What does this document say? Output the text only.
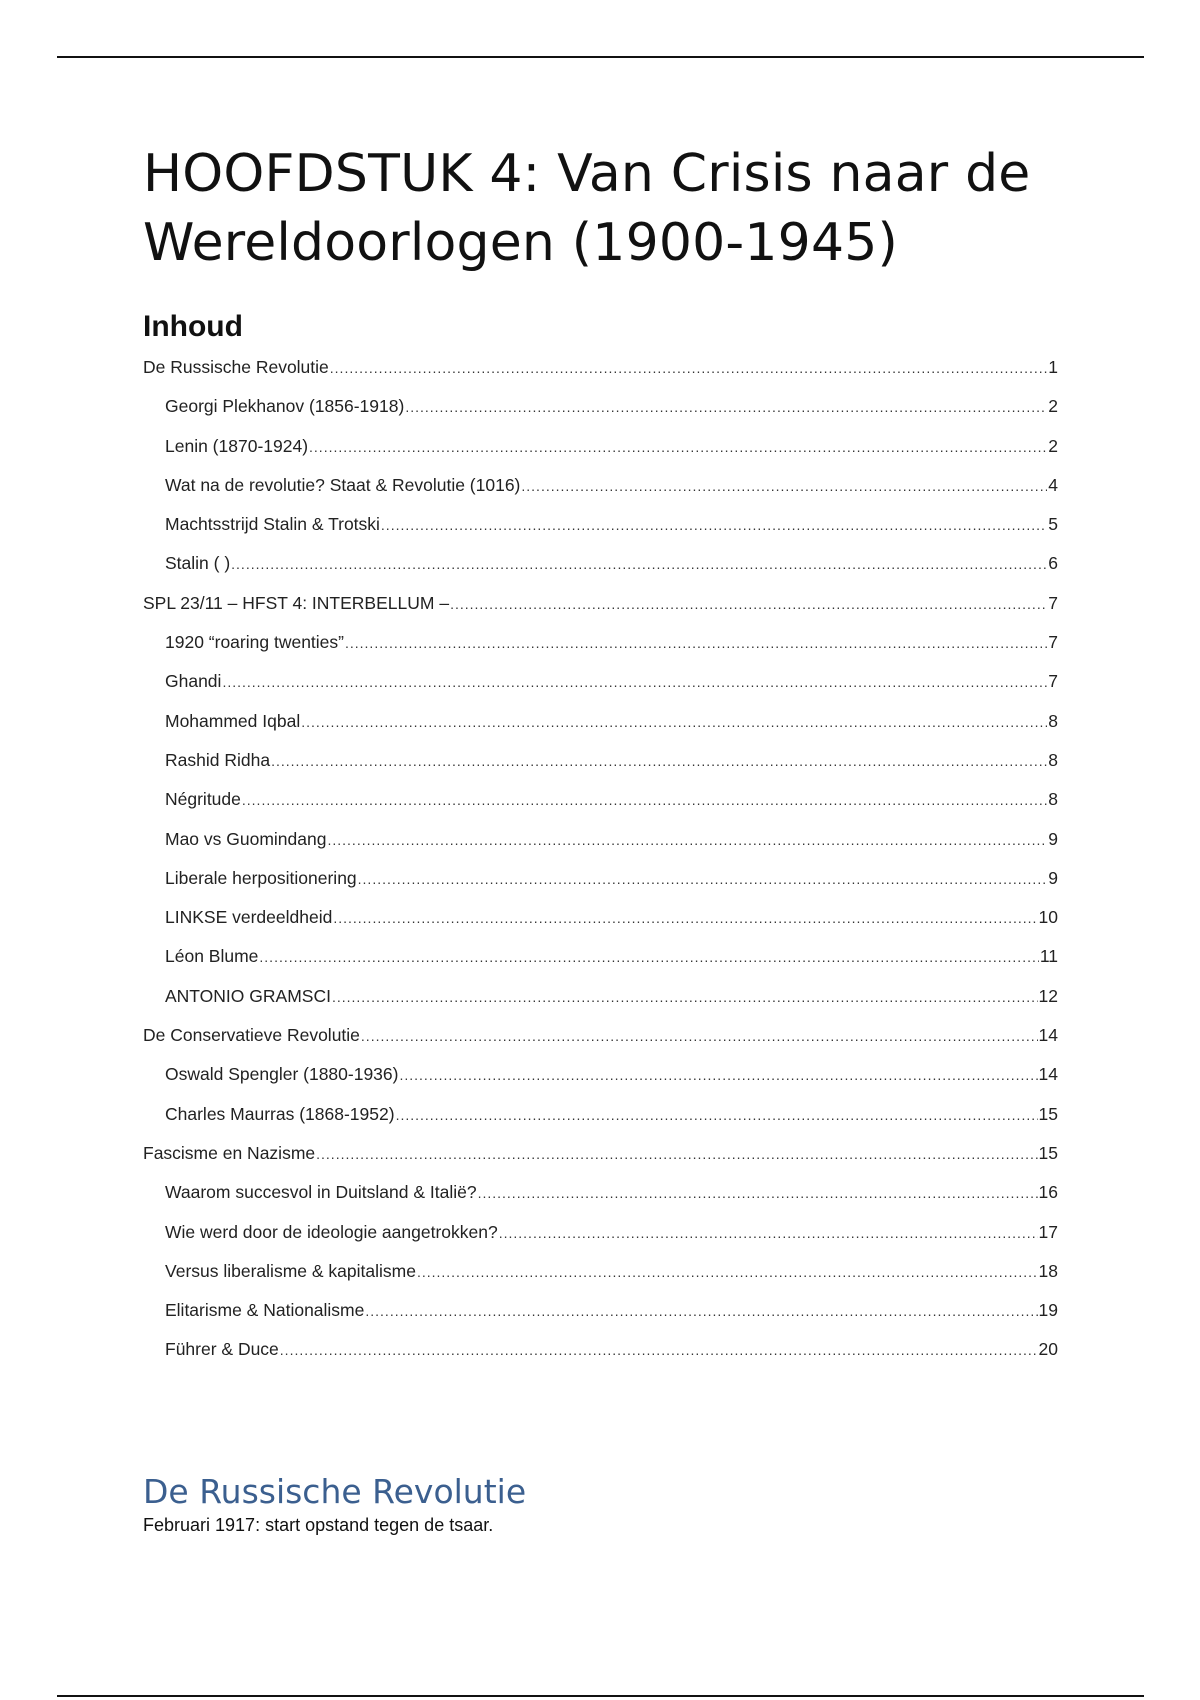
HOOFDSTUK 4: Van Crisis naar de Wereldoorlogen (1900-1945)
Inhoud
De Russische Revolutie .....	1
Georgi Plekhanov (1856-1918) .....	2
Lenin (1870-1924) .....	2
Wat na de revolutie? Staat & Revolutie (1016) .....	4
Machtsstrijd Stalin & Trotski .....	5
Stalin ( ) .....	6
SPL 23/11 – HFST 4: INTERBELLUM – .....	7
1920 “roaring twenties” .....	7
Ghandi .....	7
Mohammed Iqbal .....	8
Rashid Ridha .....	8
Négritude .....	8
Mao vs Guomindang .....	9
Liberale herpositionering .....	9
LINKSE verdeeldheid .....	10
Léon Blume .....	11
ANTONIO GRAMSCI .....	12
De Conservatieve Revolutie .....	14
Oswald Spengler (1880-1936) .....	14
Charles Maurras (1868-1952) .....	15
Fascisme en Nazisme .....	15
Waarom succesvol in Duitsland & Italië? .....	16
Wie werd door de ideologie aangetrokken? .....	17
Versus liberalisme & kapitalisme .....	18
Elitarisme & Nationalisme .....	19
Führer & Duce .....	20
De Russische Revolutie

Februari 1917: start opstand tegen de tsaar.
